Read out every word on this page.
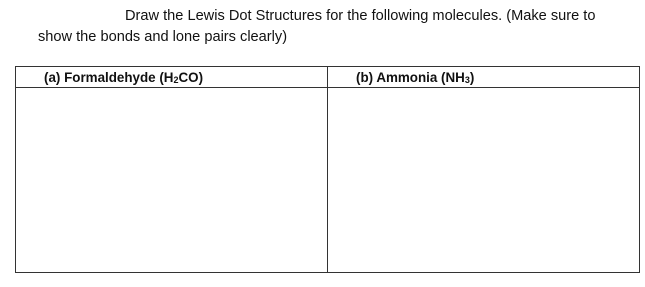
Draw the Lewis Dot Structures for the following molecules. (Make sure to
show the bonds and lone pairs clearly)
(a) Formaldehyde $(H_2CO)$	(b) Ammonia $(NH_3)$
